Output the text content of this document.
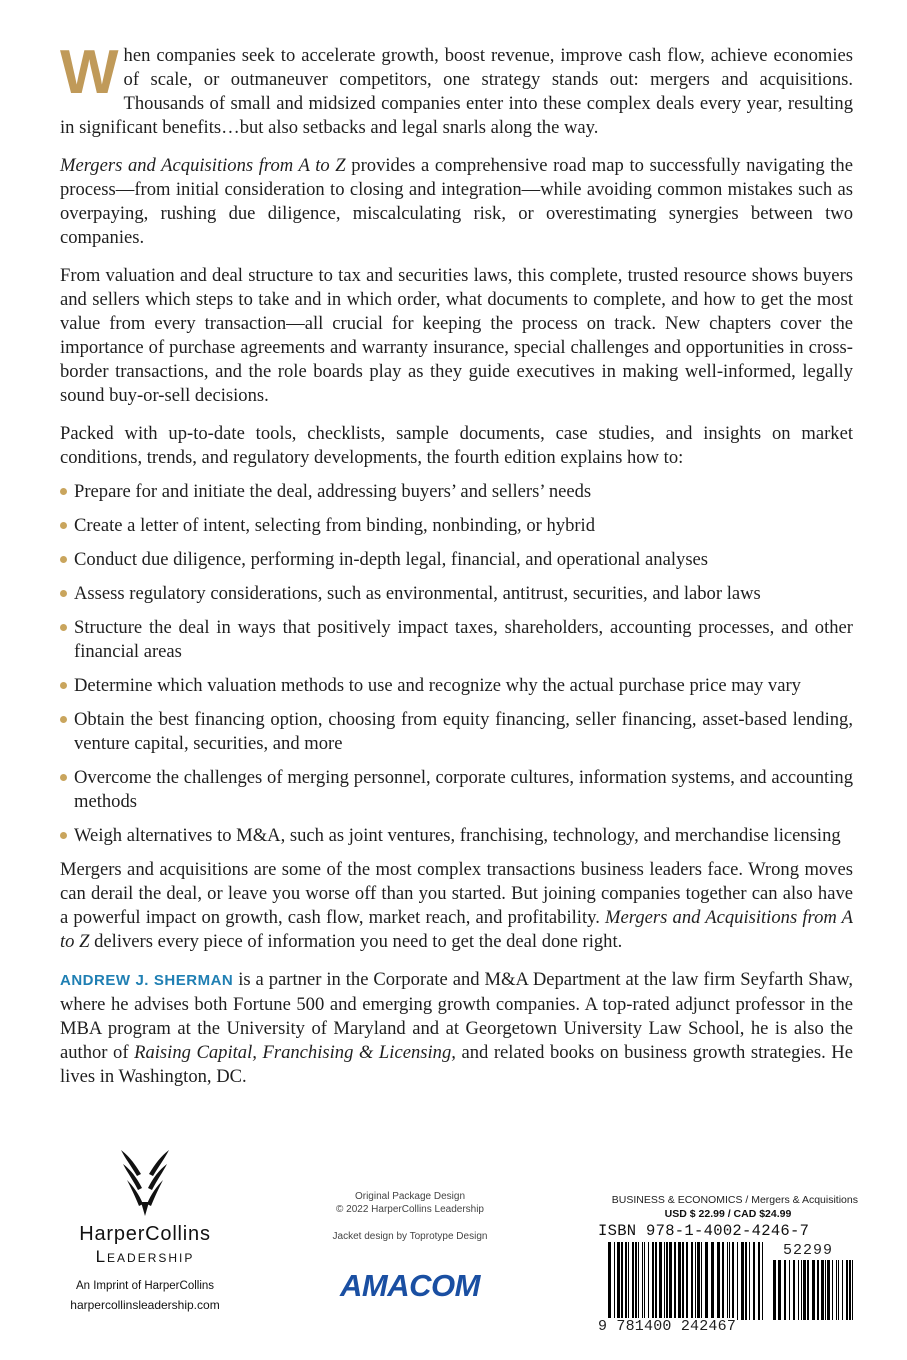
When companies seek to accelerate growth, boost revenue, improve cash flow, achieve economies of scale, or outmaneuver competitors, one strategy stands out: mergers and acquisitions. Thousands of small and midsized companies enter into these complex deals every year, resulting in significant benefits…but also setbacks and legal snarls along the way.

Mergers and Acquisitions from A to Z provides a comprehensive road map to successfully navigating the process—from initial consideration to closing and integration—while avoiding common mistakes such as overpaying, rushing due diligence, miscalculating risk, or overestimating synergies between two companies.

From valuation and deal structure to tax and securities laws, this complete, trusted resource shows buyers and sellers which steps to take and in which order, what documents to complete, and how to get the most value from every transaction—all crucial for keeping the process on track. New chapters cover the importance of purchase agreements and warranty insurance, special challenges and opportunities in cross-border transactions, and the role boards play as they guide executives in making well-informed, legally sound buy-or-sell decisions.

Packed with up-to-date tools, checklists, sample documents, case studies, and insights on market conditions, trends, and regulatory developments, the fourth edition explains how to:

Prepare for and initiate the deal, addressing buyers’ and sellers’ needs
Create a letter of intent, selecting from binding, nonbinding, or hybrid
Conduct due diligence, performing in-depth legal, financial, and operational analyses
Assess regulatory considerations, such as environmental, antitrust, securities, and labor laws
Structure the deal in ways that positively impact taxes, shareholders, accounting processes, and other financial areas
Determine which valuation methods to use and recognize why the actual purchase price may vary
Obtain the best financing option, choosing from equity financing, seller financing, asset-based lending, venture capital, securities, and more
Overcome the challenges of merging personnel, corporate cultures, information systems, and accounting methods
Weigh alternatives to M&A, such as joint ventures, franchising, technology, and merchandise licensing

Mergers and acquisitions are some of the most complex transactions business leaders face. Wrong moves can derail the deal, or leave you worse off than you started. But joining companies together can also have a powerful impact on growth, cash flow, market reach, and profitability. Mergers and Acquisitions from A to Z delivers every piece of information you need to get the deal done right.

ANDREW J. SHERMAN is a partner in the Corporate and M&A Department at the law firm Seyfarth Shaw, where he advises both Fortune 500 and emerging growth companies. A top-rated adjunct professor in the MBA program at the University of Maryland and at Georgetown University Law School, he is also the author of Raising Capital, Franchising & Licensing, and related books on business growth strategies. He lives in Washington, DC.

HarperCollins
Leadership
An Imprint of HarperCollins
harpercollinsleadership.com
Original Package Design
© 2022 HarperCollins Leadership
Jacket design by Toprotype Design
AMACOM
BUSINESS & ECONOMICS / Mergers & Acquisitions
USD $ 22.99 / CAD $24.99
ISBN 978-1-4002-4246-7
52299
9 781400 242467
